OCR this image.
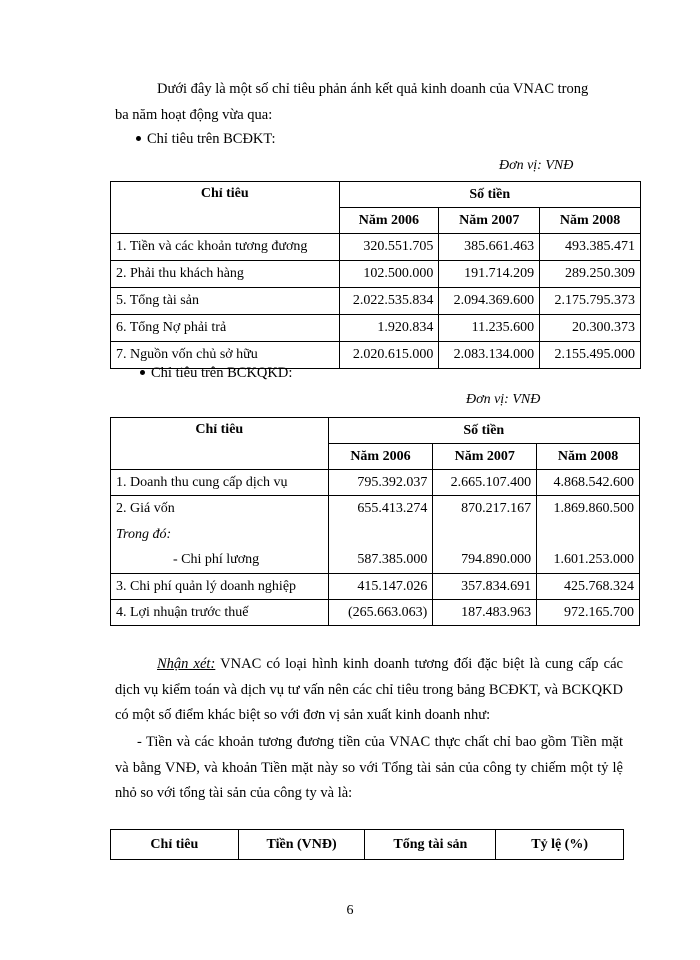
Dưới đây là một số chỉ tiêu phản ánh kết quả kinh doanh của VNAC trong
ba năm hoạt động vừa qua:

Chỉ tiêu trên BCĐKT:
Đơn vị: VNĐ
Chỉ tiêu	Số tiền		
	Năm 2006	Năm 2007	Năm 2008
1. Tiền và các khoản tương đương	320.551.705	385.661.463	493.385.471
2. Phải thu khách hàng	102.500.000	191.714.209	289.250.309
5. Tổng tài sản	2.022.535.834	2.094.369.600	2.175.795.373
6. Tổng Nợ phải trả	1.920.834	11.235.600	20.300.373
7. Nguồn vốn chủ sở hữu	2.020.615.000	2.083.134.000	2.155.495.000
Chỉ tiêu trên BCKQKD:
Đơn vị: VNĐ
Chỉ tiêu	Số tiền		
	Năm 2006	Năm 2007	Năm 2008
1. Doanh thu cung cấp dịch vụ	795.392.037	2.665.107.400	4.868.542.600
2. Giá vốn	655.413.274	870.217.167	1.869.860.500
Trong đó:			
- Chi phí lương	587.385.000	794.890.000	1.601.253.000
3. Chi phí quản lý doanh nghiệp	415.147.026	357.834.691	425.768.324
4. Lợi nhuận trước thuế	(265.663.063)	187.483.963	972.165.700

Nhận xét: VNAC có loại hình kinh doanh tương đối đặc biệt là cung cấp các dịch vụ kiểm toán và dịch vụ tư vấn nên các chỉ tiêu trong bảng BCĐKT, và BCKQKD có một số điểm khác biệt so với đơn vị sản xuất kinh doanh như:

- Tiền và các khoản tương đương tiền của VNAC thực chất chỉ bao gồm Tiền mặt và bằng VNĐ, và khoản Tiền mặt này so với Tổng tài sản của công ty chiếm một tỷ lệ nhỏ so với tổng tài sản của công ty và là:

Chỉ tiêu	Tiền (VNĐ)	Tổng tài sản	Tỷ lệ (%)
6
